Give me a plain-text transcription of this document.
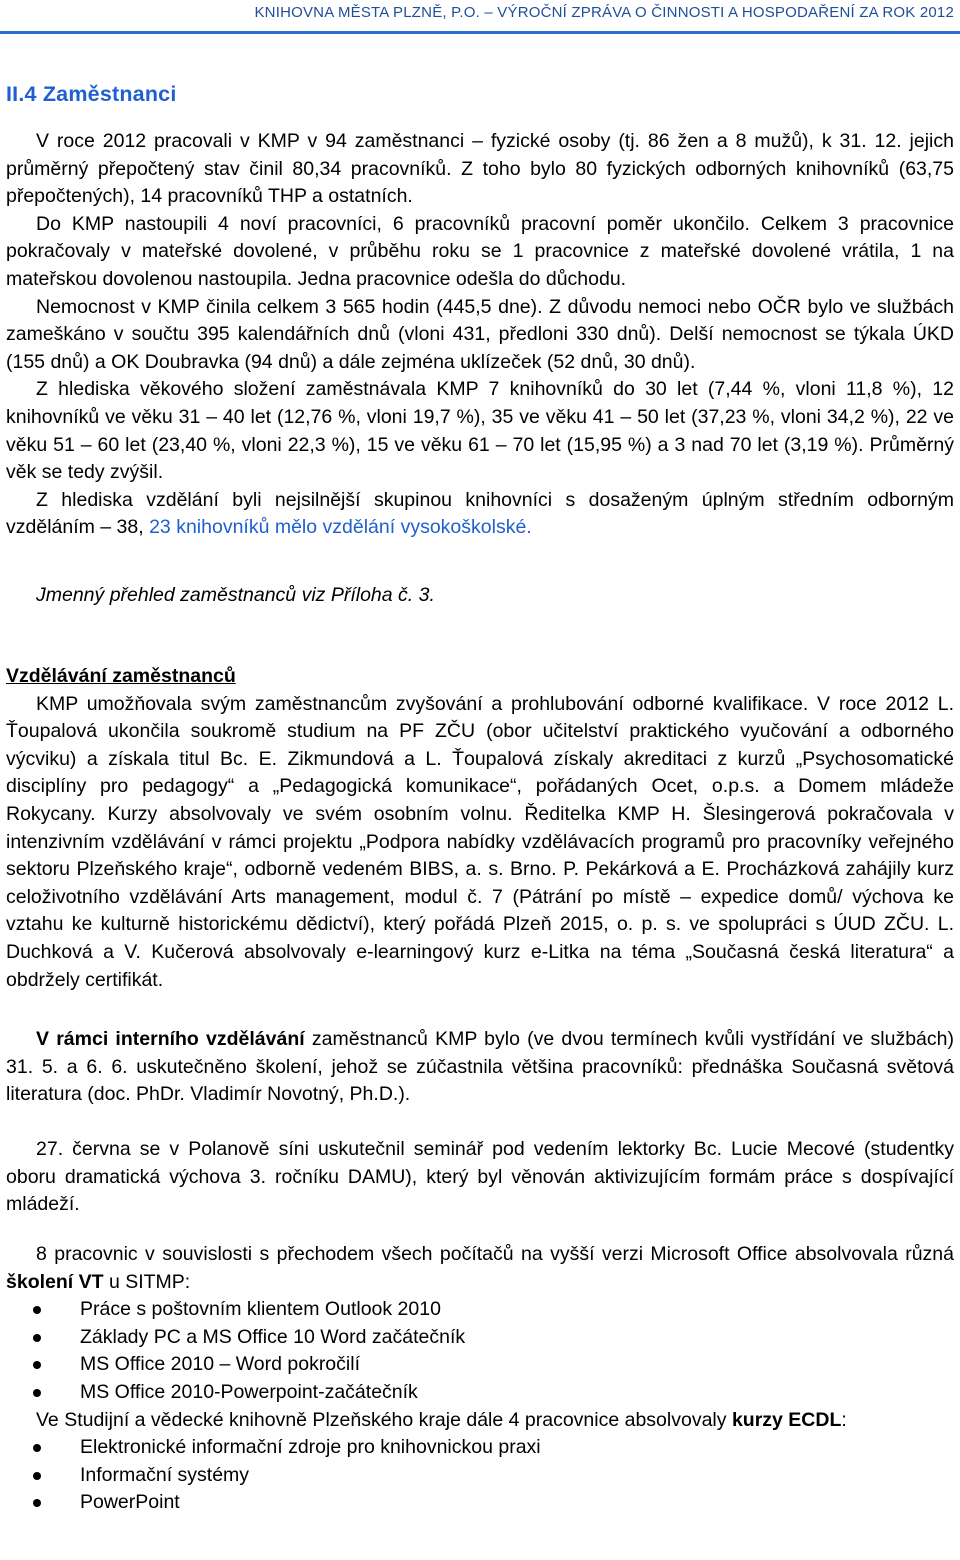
KNIHOVNA MĚSTA PLZNĚ, P.O. – VÝROČNÍ ZPRÁVA O ČINNOSTI A HOSPODAŘENÍ ZA ROK 2012
II.4 Zaměstnanci

V roce 2012 pracovali v KMP v 94 zaměstnanci – fyzické osoby (tj. 86 žen a 8 mužů), k 31. 12. jejich průměrný přepočtený stav činil 80,34 pracovníků. Z toho bylo 80 fyzických odborných knihovníků (63,75 přepočtených), 14 pracovníků THP a ostatních.

Do KMP nastoupili 4 noví pracovníci, 6 pracovníků pracovní poměr ukončilo. Celkem 3 pracovnice pokračovaly v mateřské dovolené, v průběhu roku se 1 pracovnice z mateřské dovolené vrátila, 1 na mateřskou dovolenou nastoupila. Jedna pracovnice odešla do důchodu.

Nemocnost v KMP činila celkem 3 565 hodin (445,5 dne). Z důvodu nemoci nebo OČR bylo ve službách zameškáno v součtu 395 kalendářních dnů (vloni 431, předloni 330 dnů). Delší nemocnost se týkala ÚKD (155 dnů) a OK Doubravka (94 dnů) a dále zejména uklízeček (52 dnů, 30 dnů).

Z hlediska věkového složení zaměstnávala KMP 7 knihovníků do 30 let (7,44 %, vloni 11,8 %), 12 knihovníků ve věku 31 – 40 let (12,76 %, vloni 19,7 %), 35 ve věku 41 – 50 let (37,23 %, vloni 34,2 %), 22 ve věku 51 – 60 let (23,40 %, vloni 22,3 %), 15 ve věku 61 – 70 let (15,95 %) a 3 nad 70 let (3,19 %). Průměrný věk se tedy zvýšil.

Z hlediska vzdělání byli nejsilnější skupinou knihovníci s dosaženým úplným středním odborným vzděláním – 38, 23 knihovníků mělo vzdělání vysokoškolské.

Jmenný přehled zaměstnanců viz Příloha č. 3.

Vzdělávání zaměstnanců

KMP umožňovala svým zaměstnancům zvyšování a prohlubování odborné kvalifikace. V roce 2012 L. Ťoupalová ukončila soukromě studium na PF ZČU (obor učitelství praktického vyučování a odborného výcviku) a získala titul Bc. E. Zikmundová a L. Ťoupalová získaly akreditaci z kurzů „Psychosomatické disciplíny pro pedagogy“ a „Pedagogická komunikace“, pořádaných Ocet, o.p.s. a Domem mládeže Rokycany. Kurzy absolvovaly ve svém osobním volnu. Ředitelka KMP H. Šlesingerová pokračovala v intenzivním vzdělávání v rámci projektu „Podpora nabídky vzdělávacích programů pro pracovníky veřejného sektoru Plzeňského kraje“, odborně vedeném BIBS, a. s. Brno. P. Pekárková a E. Procházková zahájily kurz celoživotního vzdělávání Arts management, modul č. 7 (Pátrání po místě – expedice domů/ výchova ke vztahu ke kulturně historickému dědictví), který pořádá Plzeň 2015, o. p. s. ve spolupráci s ÚUD ZČU. L. Duchková a V. Kučerová absolvovaly e-learningový kurz e-Litka na téma „Současná česká literatura“ a obdržely certifikát.

V rámci interního vzdělávání zaměstnanců KMP bylo (ve dvou termínech kvůli vystřídání ve službách) 31. 5. a 6. 6. uskutečněno školení, jehož se zúčastnila většina pracovníků: přednáška Současná světová literatura (doc. PhDr. Vladimír Novotný, Ph.D.).

27. června se v Polanově síni uskutečnil seminář pod vedením lektorky Bc. Lucie Mecové (studentky oboru dramatická výchova 3. ročníku DAMU), který byl věnován aktivizujícím formám práce s dospívající mládeží.

8 pracovnic v souvislosti s přechodem všech počítačů na vyšší verzi Microsoft Office absolvovala různá školení VT u SITMP:

Práce s poštovním klientem Outlook 2010
Základy PC a MS Office 10 Word začátečník
MS Office 2010 – Word pokročilí
MS Office 2010-Powerpoint-začátečník
Ve Studijní a vědecké knihovně Plzeňského kraje dále 4 pracovnice absolvovaly kurzy ECDL:
Elektronické informační zdroje pro knihovnickou praxi
Informační systémy
PowerPoint
